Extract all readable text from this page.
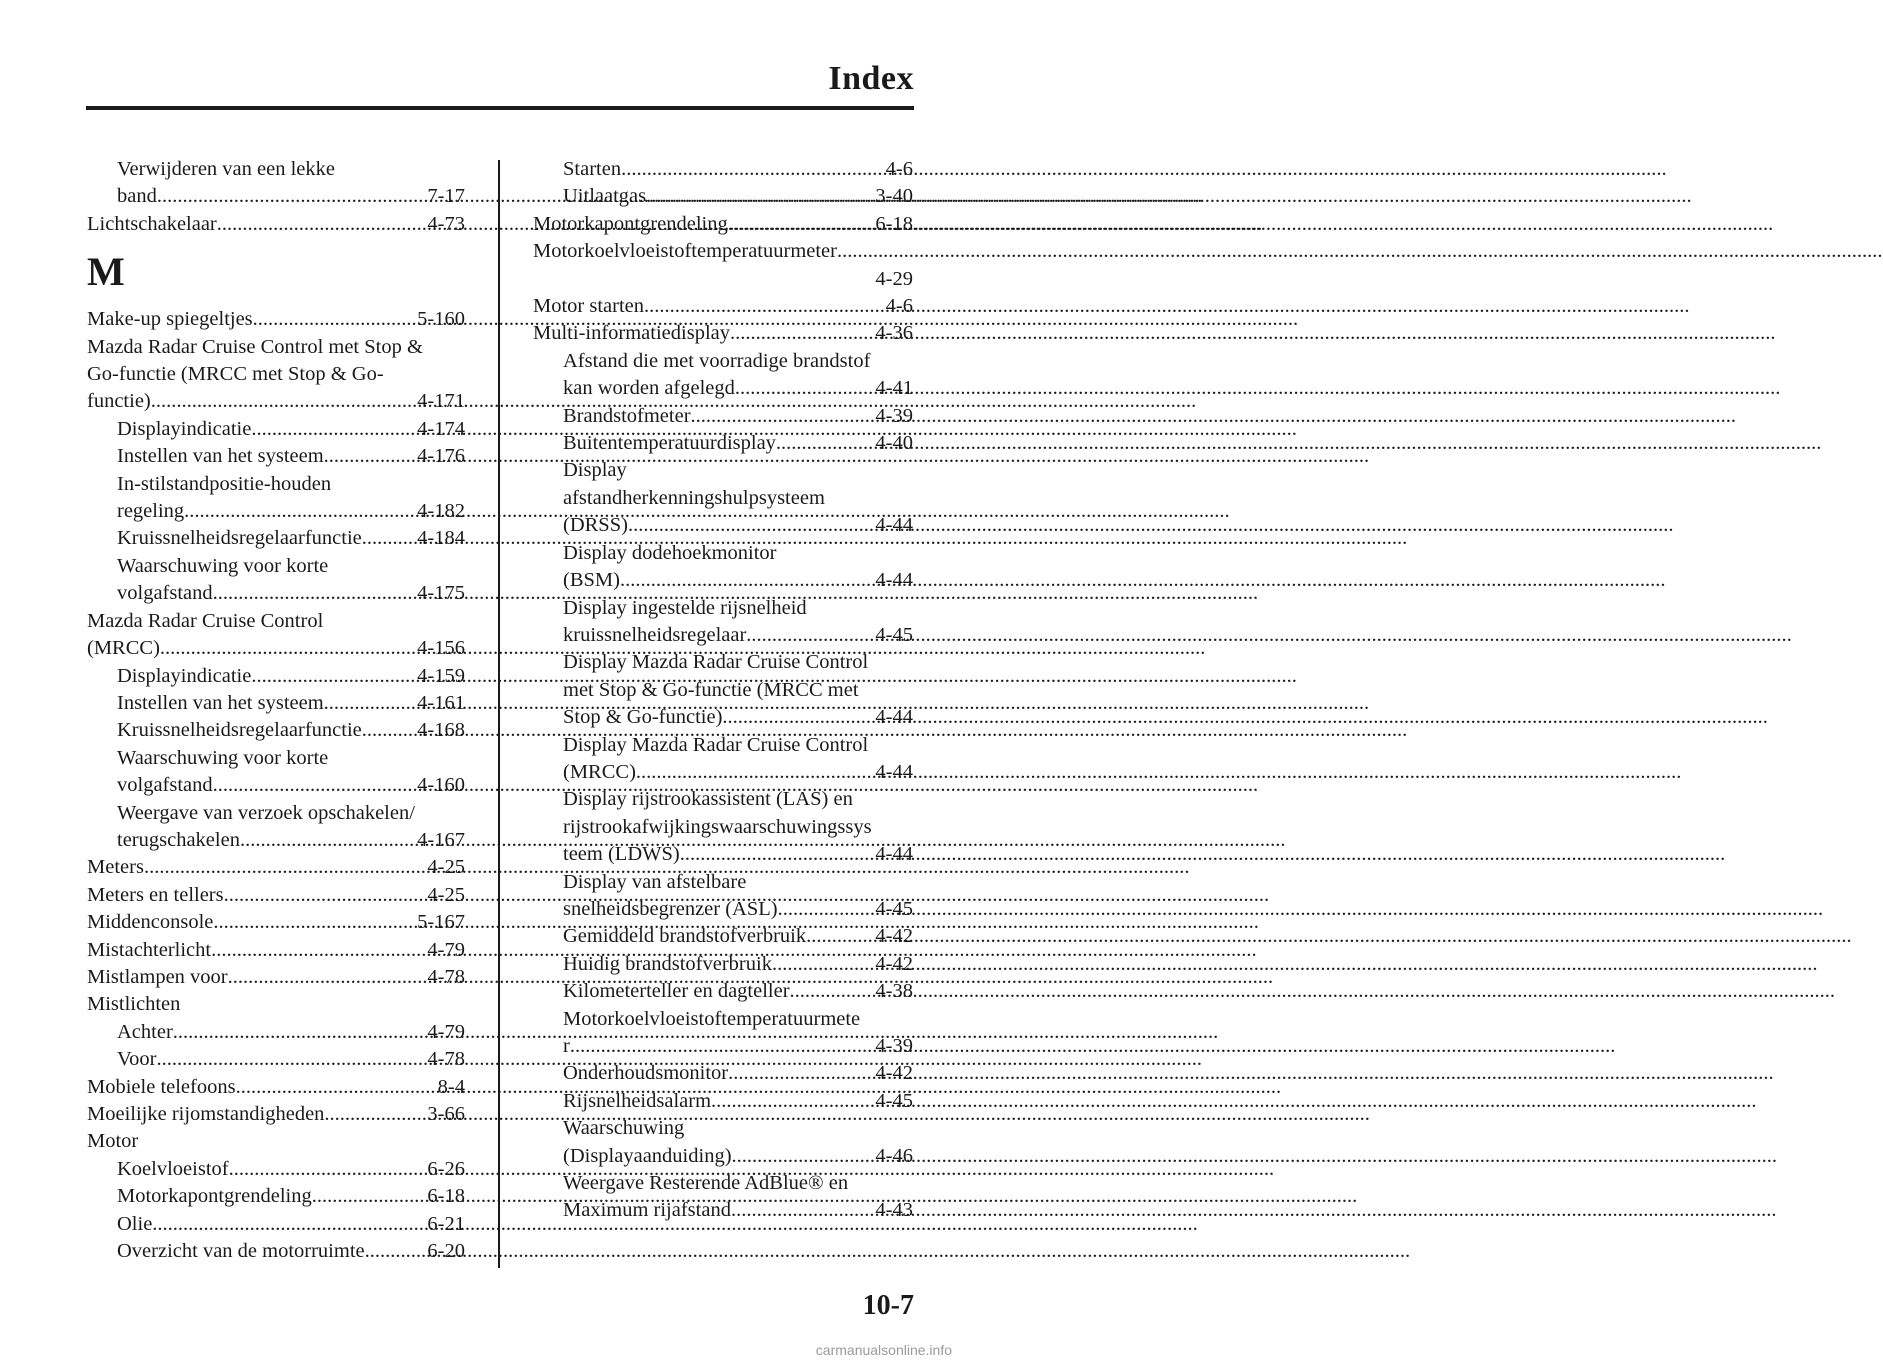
Index
Verwijderen van een lekke
band .....	7-17
Lichtschakelaar .....	4-73
M
Make-up spiegeltjes .....	5-160
Mazda Radar Cruise Control met Stop &
Go-functie (MRCC met Stop & Go-
functie) .....	4-171
Displayindicatie .....	4-174
Instellen van het systeem .....	4-176
In-stilstandpositie-houden
regeling .....	4-182
Kruissnelheidsregelaarfunctie .....	4-184
Waarschuwing voor korte
volgafstand .....	4-175
Mazda Radar Cruise Control
(MRCC) .....	4-156
Displayindicatie .....	4-159
Instellen van het systeem .....	4-161
Kruissnelheidsregelaarfunctie .....	4-168
Waarschuwing voor korte
volgafstand .....	4-160
Weergave van verzoek opschakelen/
terugschakelen .....	4-167
Meters .....	4-25
Meters en tellers .....	4-25
Middenconsole .....	5-167
Mistachterlicht .....	4-79
Mistlampen voor .....	4-78
Mistlichten
Achter .....	4-79
Voor .....	4-78
Mobiele telefoons .....	8-4
Moeilijke rijomstandigheden .....	3-66
Motor
Koelvloeistof .....	6-26
Motorkapontgrendeling .....	6-18
Olie .....	6-21
Overzicht van de motorruimte .....	6-20
Starten .....	4-6
Uitlaatgas .....	3-40
Motorkapontgrendeling .....	6-18
Motorkoelvloeistoftemperatuurmeter
.....
4-29
Motor starten .....	4-6
Multi-informatiedisplay .....	4-36
Afstand die met voorradige brandstof
kan worden afgelegd .....	4-41
Brandstofmeter .....	4-39
Buitentemperatuurdisplay .....	4-40
Display
afstandherkenningshulpsysteem
(DRSS) .....	4-44
Display dodehoekmonitor
(BSM) .....	4-44
Display ingestelde rijsnelheid
kruissnelheidsregelaar .....	4-45
Display Mazda Radar Cruise Control
met Stop & Go-functie (MRCC met
Stop & Go-functie) .....	4-44
Display Mazda Radar Cruise Control
(MRCC) .....	4-44
Display rijstrookassistent (LAS) en
rijstrookafwijkingswaarschuwingssys
teem (LDWS) .....	4-44
Display van afstelbare
snelheidsbegrenzer (ASL) .....	4-45
Gemiddeld brandstofverbruik .....	4-42
Huidig brandstofverbruik .....	4-42
Kilometerteller en dagteller .....	4-38
Motorkoelvloeistoftemperatuurmete
r .....	4-39
Onderhoudsmonitor .....	4-42
Rijsnelheidsalarm .....	4-45
Waarschuwing
(Displayaanduiding) .....	4-46
Weergave Resterende AdBlue® en
Maximum rijafstand .....	4-43
10-7
carmanualsonline.info
